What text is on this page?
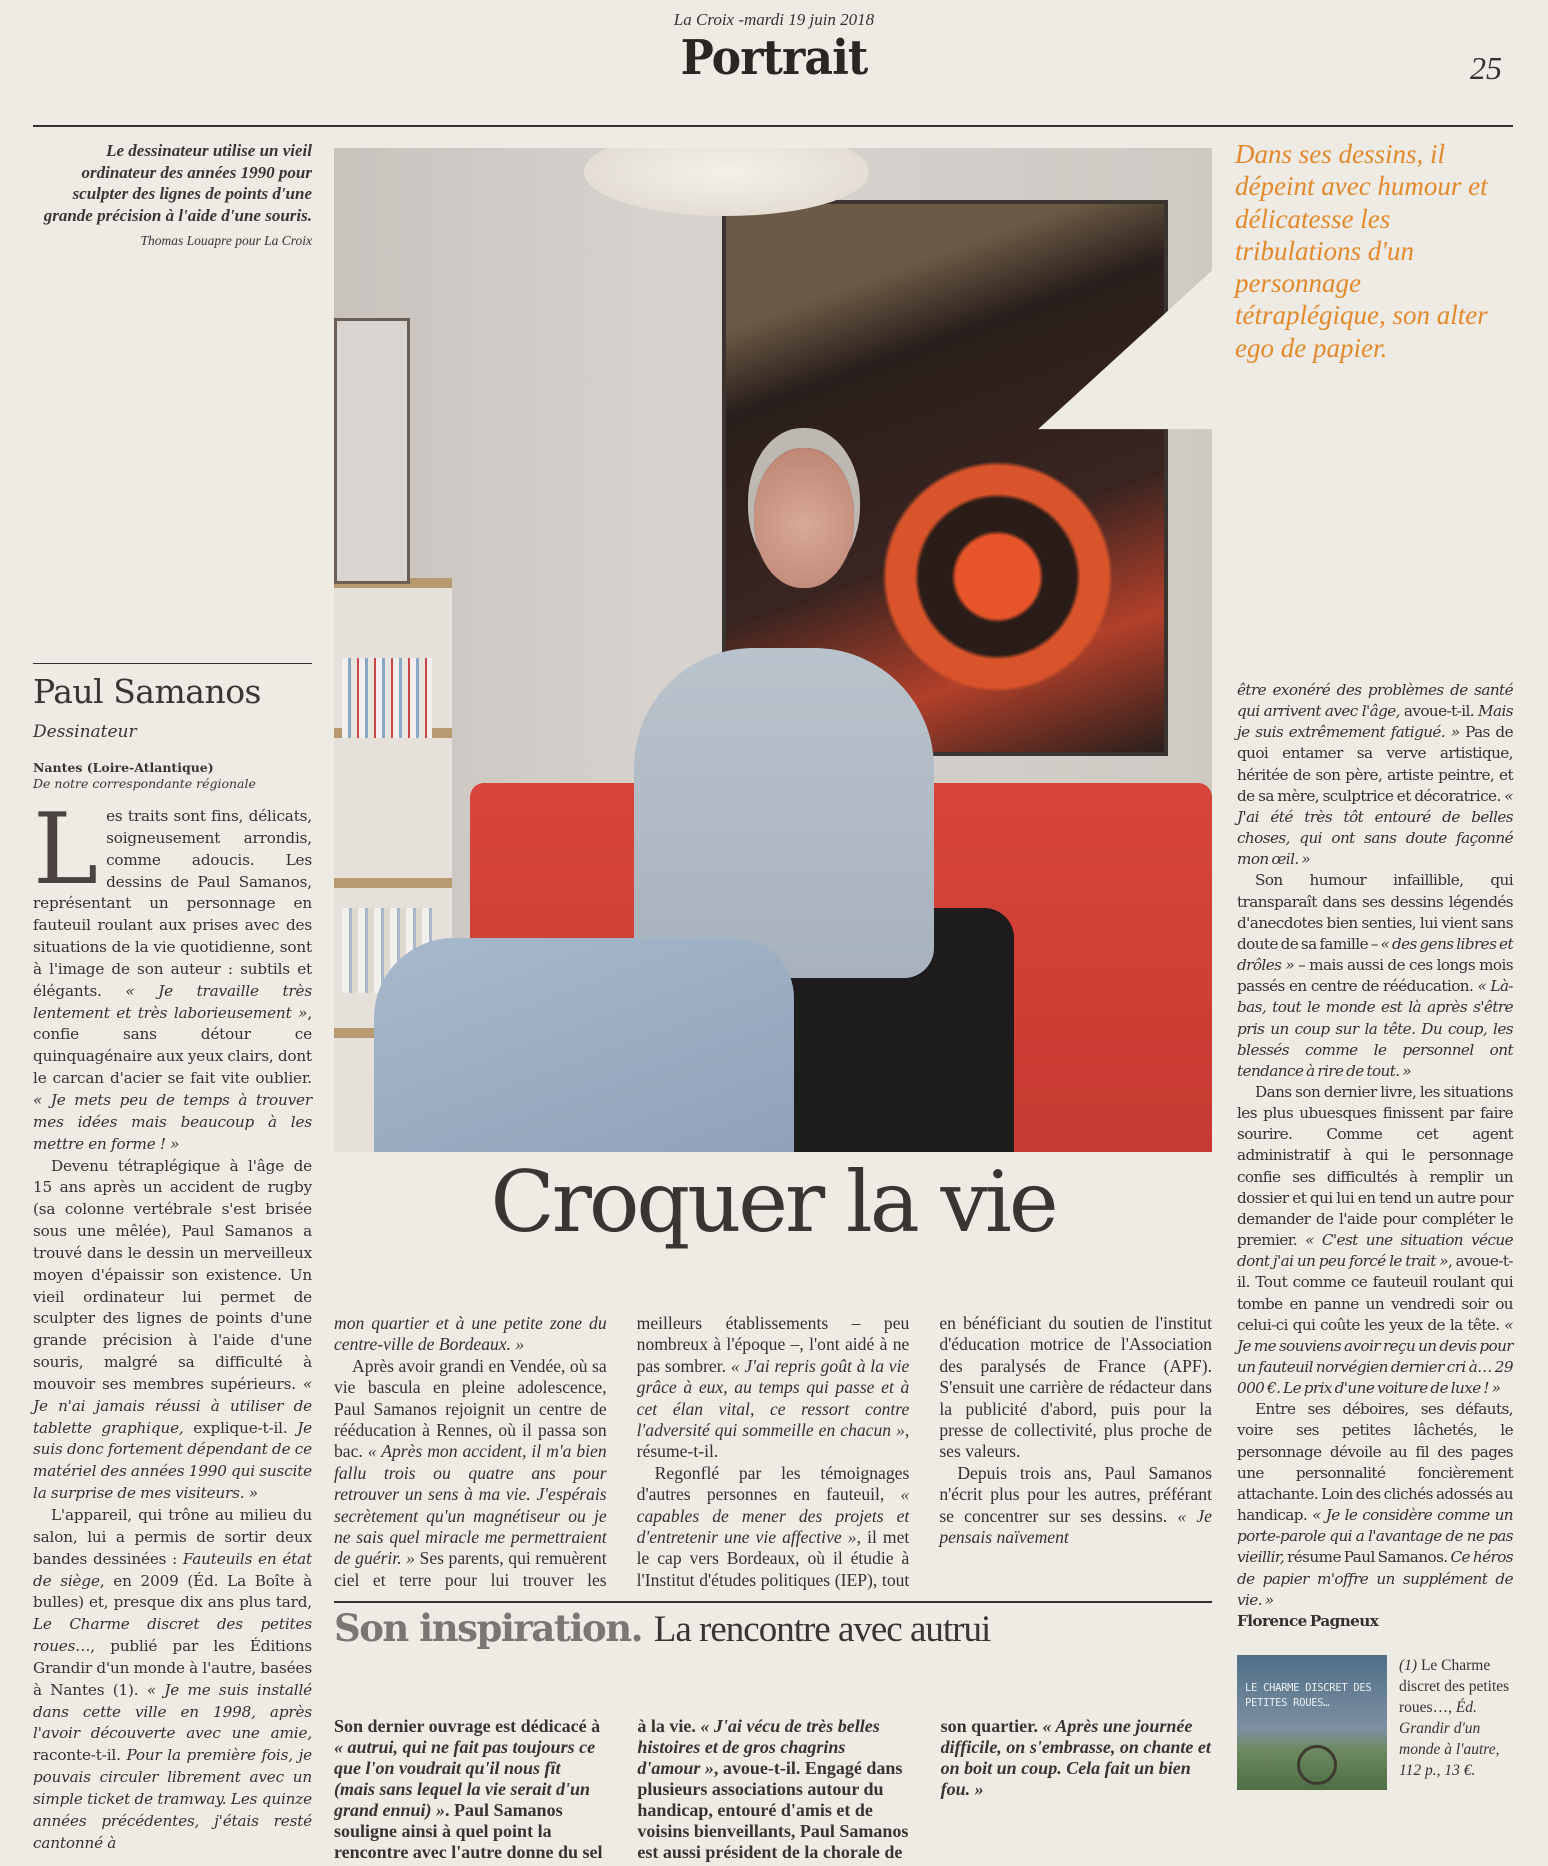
La Croix -mardi 19 juin 2018
Portrait	25
Le dessinateur utilise un vieil ordinateur des années 1990 pour sculpter des lignes de points d'une grande précision à l'aide d'une souris.
Thomas Louapre pour La Croix
Dans ses dessins, il dépeint avec humour et délicatesse les tribulations d'un personnage tétraplégique, son alter ego de papier.
Paul Samanos
Dessinateur
Nantes (Loire-Atlantique)
De notre correspondante régionale

Les traits sont fins, délicats, soigneusement arrondis, comme adoucis. Les dessins de Paul Samanos, représentant un personnage en fauteuil roulant aux prises avec des situations de la vie quotidienne, sont à l'image de son auteur : subtils et élégants. « Je travaille très lentement et très laborieusement », confie sans détour ce quinquagénaire aux yeux clairs, dont le carcan d'acier se fait vite oublier. « Je mets peu de temps à trouver mes idées mais beaucoup à les mettre en forme ! »

Devenu tétraplégique à l'âge de 15 ans après un accident de rugby (sa colonne vertébrale s'est brisée sous une mêlée), Paul Samanos a trouvé dans le dessin un merveilleux moyen d'épaissir son existence. Un vieil ordinateur lui permet de sculpter des lignes de points d'une grande précision à l'aide d'une souris, malgré sa difficulté à mouvoir ses membres supérieurs. « Je n'ai jamais réussi à utiliser de tablette graphique, explique-t-il. Je suis donc fortement dépendant de ce matériel des années 1990 qui suscite la surprise de mes visiteurs. »

L'appareil, qui trône au milieu du salon, lui a permis de sortir deux bandes dessinées : Fauteuils en état de siège, en 2009 (Éd. La Boîte à bulles) et, presque dix ans plus tard, Le Charme discret des petites roues…, publié par les Éditions Grandir d'un monde à l'autre, basées à Nantes (1). « Je me suis installé dans cette ville en 1998, après l'avoir découverte avec une amie, raconte-t-il. Pour la première fois, je pouvais circuler librement avec un simple ticket de tramway. Les quinze années précédentes, j'étais resté cantonné à

Croquer la vie

mon quartier et à une petite zone du centre-ville de Bordeaux. »

Après avoir grandi en Vendée, où sa vie bascula en pleine adolescence, Paul Samanos rejoignit un centre de rééducation à Rennes, où il passa son bac. « Après mon accident, il m'a bien fallu trois ou quatre ans pour retrouver un sens à ma vie. J'espérais secrètement qu'un magnétiseur ou je ne sais quel miracle me permettraient de guérir. » Ses parents, qui remuèrent ciel et terre pour lui trouver les meilleurs établissements – peu nombreux à l'époque –, l'ont aidé à ne pas sombrer. « J'ai repris goût à la vie grâce à eux, au temps qui passe et à cet élan vital, ce ressort contre l'adversité qui sommeille en chacun », résume-t-il.

Regonflé par les témoignages d'autres personnes en fauteuil, « capables de mener des projets et d'entretenir une vie affective », il met le cap vers Bordeaux, où il étudie à l'Institut d'études politiques (IEP), tout en bénéficiant du soutien de l'institut d'éducation motrice de l'Association des paralysés de France (APF). S'ensuit une carrière de rédacteur dans la publicité d'abord, puis pour la presse de collectivité, plus proche de ses valeurs.

Depuis trois ans, Paul Samanos n'écrit plus pour les autres, préférant se concentrer sur ses dessins. « Je pensais naïvement

être exonéré des problèmes de santé qui arrivent avec l'âge, avoue-t-il. Mais je suis extrêmement fatigué. » Pas de quoi entamer sa verve artistique, héritée de son père, artiste peintre, et de sa mère, sculptrice et décoratrice. « J'ai été très tôt entouré de belles choses, qui ont sans doute façonné mon œil. »

Son humour infaillible, qui transparaît dans ses dessins légendés d'anecdotes bien senties, lui vient sans doute de sa famille – « des gens libres et drôles » – mais aussi de ces longs mois passés en centre de rééducation. « Là-bas, tout le monde est là après s'être pris un coup sur la tête. Du coup, les blessés comme le personnel ont tendance à rire de tout. »

Dans son dernier livre, les situations les plus ubuesques finissent par faire sourire. Comme cet agent administratif à qui le personnage confie ses difficultés à remplir un dossier et qui lui en tend un autre pour demander de l'aide pour compléter le premier. « C'est une situation vécue dont j'ai un peu forcé le trait », avoue-t-il. Tout comme ce fauteuil roulant qui tombe en panne un vendredi soir ou celui-ci qui coûte les yeux de la tête. « Je me souviens avoir reçu un devis pour un fauteuil norvégien dernier cri à… 29 000 €. Le prix d'une voiture de luxe ! »

Entre ses déboires, ses défauts, voire ses petites lâchetés, le personnage dévoile au fil des pages une personnalité foncièrement attachante. Loin des clichés adossés au handicap. « Je le considère comme un porte-parole qui a l'avantage de ne pas vieillir, résume Paul Samanos. Ce héros de papier m'offre un supplément de vie. »

Florence Pagneux

Son inspiration. La rencontre avec autrui

Son dernier ouvrage est dédicacé à « autrui, qui ne fait pas toujours ce que l'on voudrait qu'il nous fît (mais sans lequel la vie serait d'un grand ennui) ». Paul Samanos souligne ainsi à quel point la rencontre avec l'autre donne du sel à la vie. « J'ai vécu de très belles histoires et de gros chagrins d'amour », avoue-t-il. Engagé dans plusieurs associations autour du handicap, entouré d'amis et de voisins bienveillants, Paul Samanos est aussi président de la chorale de son quartier. « Après une journée difficile, on s'embrasse, on chante et on boit un coup. Cela fait un bien fou. »

LE CHARME DISCRET DES PETITES ROUES…
(1) Le Charme discret des petites roues…, Éd. Grandir d'un monde à l'autre, 112 p., 13 €.
